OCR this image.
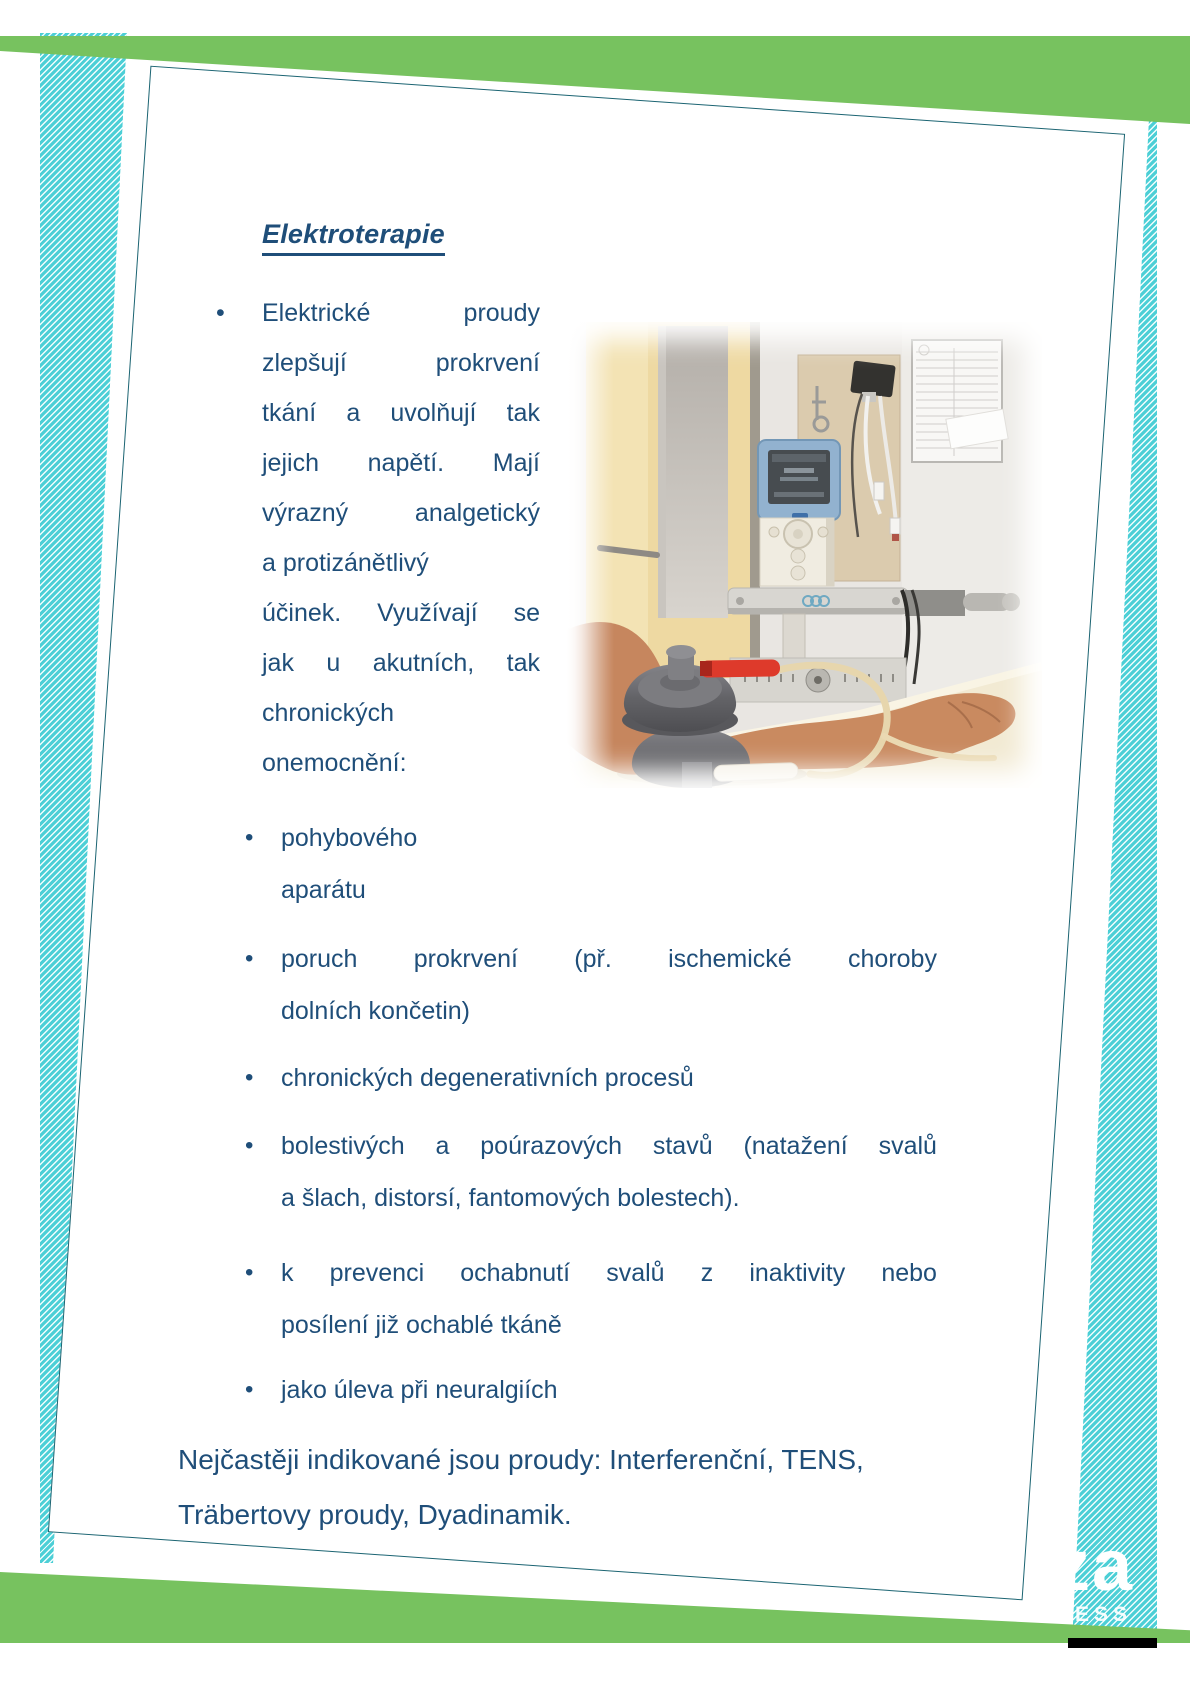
Elektroterapie
•	Elektrické	proudy
zlepšují	prokrvení
tkání a uvolňují tak
jejich napětí. Mají
výrazný	analgetický
a protizánětlivý
účinek. Využívají se
jak u akutních, tak
chronických
onemocnění:
•	pohybového
aparátu
•	poruch prokrvení (př. ischemické choroby
dolních končetin)
•	chronických degenerativních procesů
•	bolestivých a poúrazových stavů (natažení svalů
a šlach, distorsí, fantomových bolestech).
•	k prevenci ochabnutí svalů z inaktivity nebo
posílení již ochablé tkáně
•	jako úleva při neuralgiích
Nejčastěji indikované jsou proudy: Interferenční, TENS,
Träbertovy proudy, Dyadinamik.
za
LNESS
